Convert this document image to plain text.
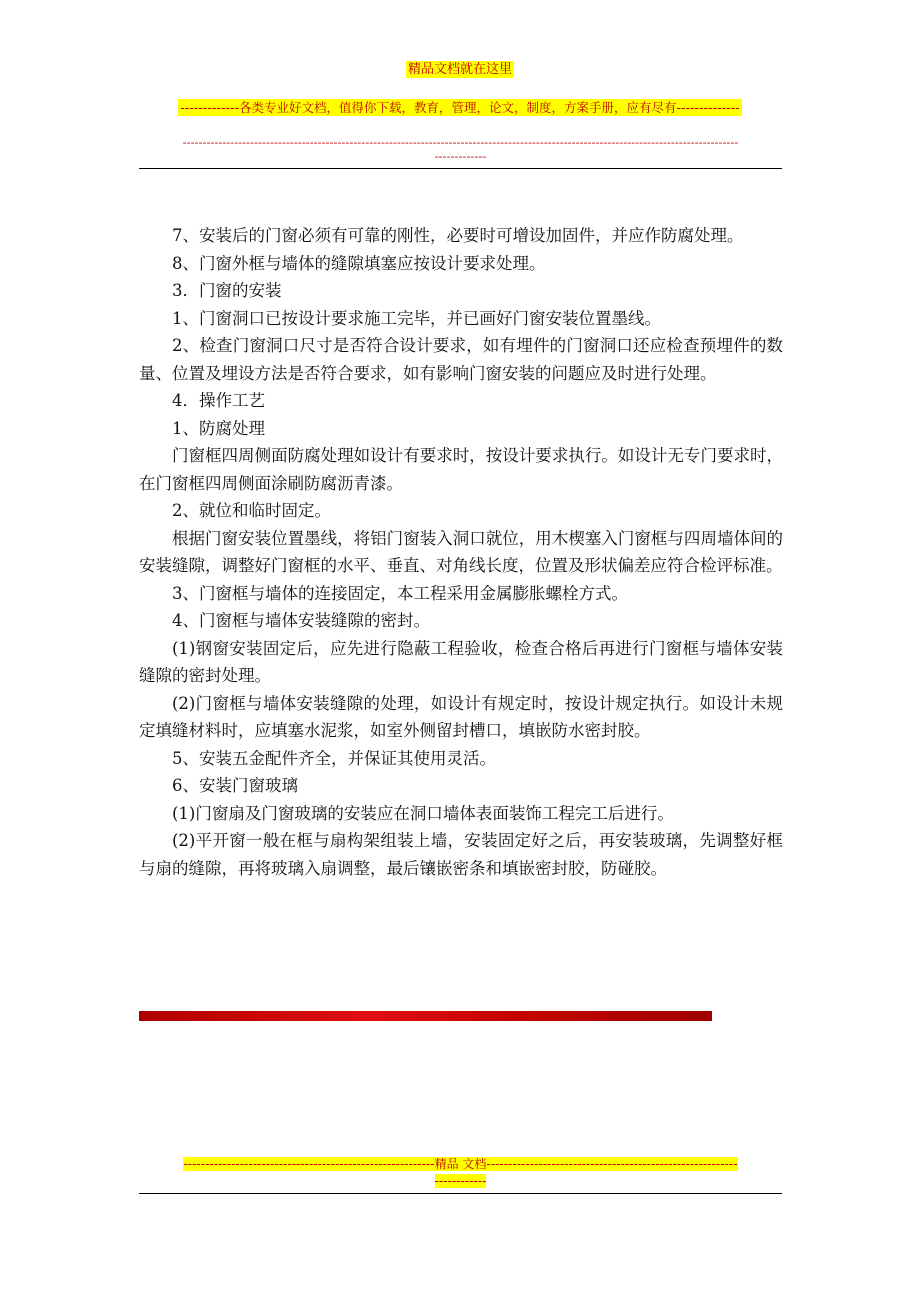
精品文档就在这里
-------------各类专业好文档，值得你下载，教育，管理，论文，制度，方案手册，应有尽有--------------
--------------------------------------------------------------------------------------------------------------------------------------------
-------------

7、安装后的门窗必须有可靠的刚性，必要时可增设加固件，并应作防腐处理。

8、门窗外框与墙体的缝隙填塞应按设计要求处理。

3．门窗的安装

1、门窗洞口已按设计要求施工完毕，并已画好门窗安装位置墨线。

2、检查门窗洞口尺寸是否符合设计要求，如有埋件的门窗洞口还应检查预埋件的数量、位置及埋设方法是否符合要求，如有影响门窗安装的问题应及时进行处理。

4．操作工艺

1、防腐处理

门窗框四周侧面防腐处理如设计有要求时，按设计要求执行。如设计无专门要求时，在门窗框四周侧面涂刷防腐沥青漆。

2、就位和临时固定。

根据门窗安装位置墨线，将铝门窗装入洞口就位，用木楔塞入门窗框与四周墙体间的安装缝隙，调整好门窗框的水平、垂直、对角线长度，位置及形状偏差应符合检评标准。

3、门窗框与墙体的连接固定，本工程采用金属膨胀螺栓方式。

4、门窗框与墙体安装缝隙的密封。

(1)钢窗安装固定后，应先进行隐蔽工程验收，检查合格后再进行门窗框与墙体安装缝隙的密封处理。

(2)门窗框与墙体安装缝隙的处理，如设计有规定时，按设计规定执行。如设计未规定填缝材料时，应填塞水泥浆，如室外侧留封槽口，填嵌防水密封胶。

5、安装五金配件齐全，并保证其使用灵活。

6、安装门窗玻璃

(1)门窗扇及门窗玻璃的安装应在洞口墙体表面装饰工程完工后进行。

(2)平开窗一般在框与扇构架组装上墙，安装固定好之后，再安装玻璃，先调整好框与扇的缝隙，再将玻璃入扇调整，最后镶嵌密条和填嵌密封胶，防碰胶。

----------------------------------------------------------精品 文档----------------------------------------------------------
------------
